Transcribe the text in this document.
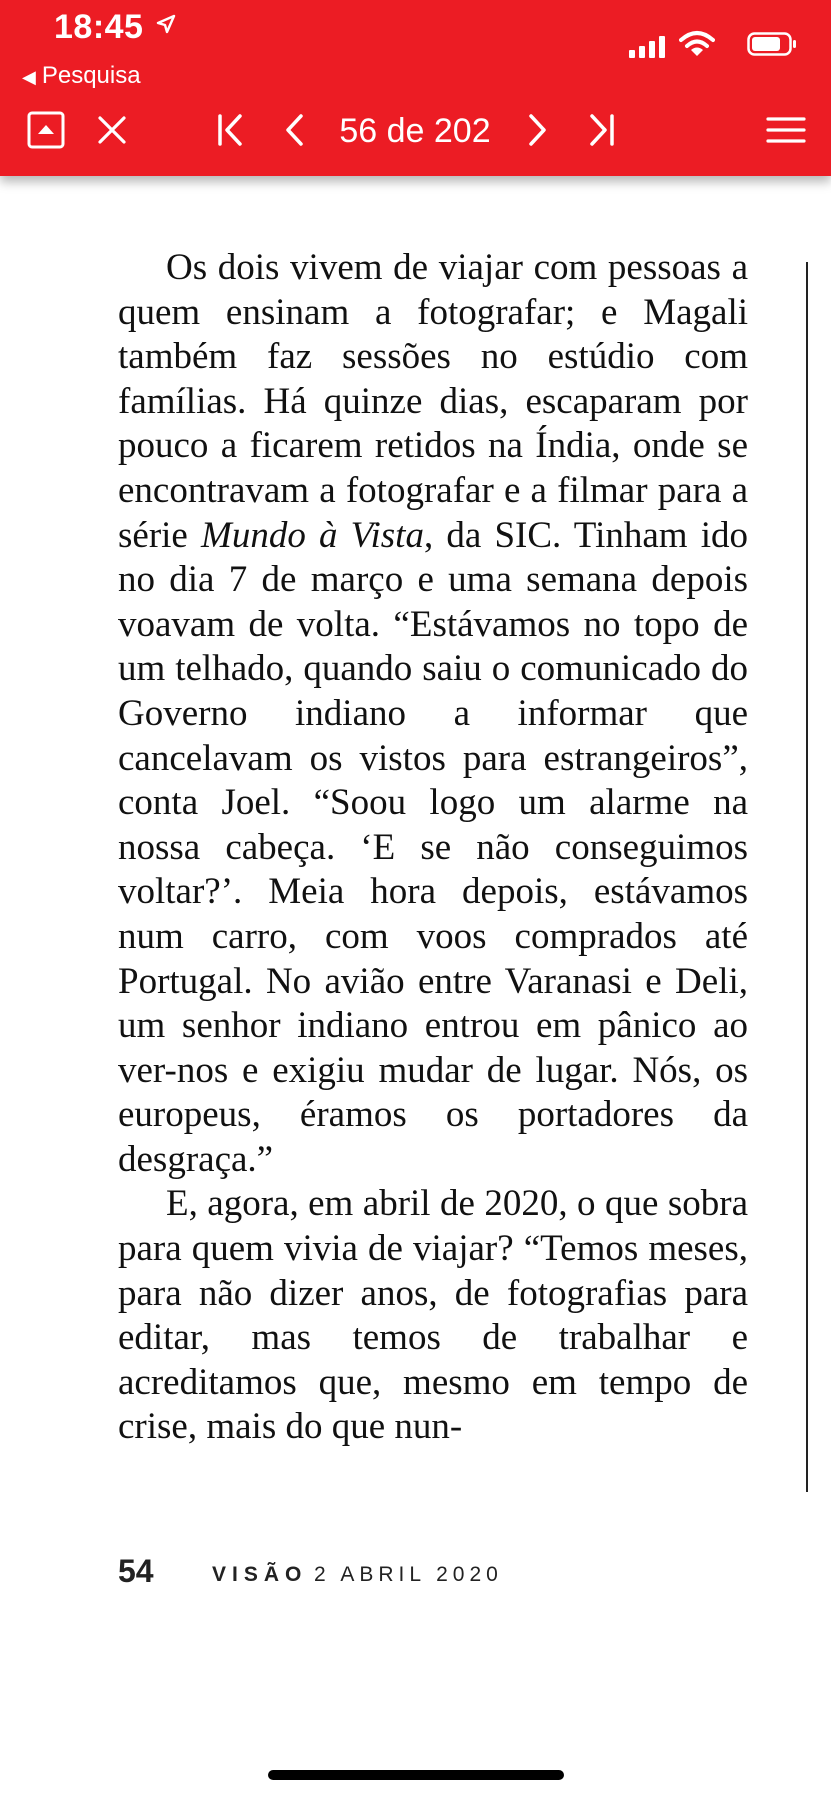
18:45
◀ Pesquisa
56 de 202

Os dois vivem de viajar com pessoas a quem ensinam a fotografar; e Magali também faz sessões no estúdio com famílias. Há quinze dias, escaparam por pouco a ficarem retidos na Índia, onde se encontravam a fotografar e a filmar para a série Mundo à Vista, da SIC. Tinham ido no dia 7 de março e uma semana depois voavam de volta. “Estávamos no topo de um telhado, quando saiu o comunicado do Governo indiano a informar que cancelavam os vistos para estrangeiros”, conta Joel. “Soou logo um alarme na nossa cabeça. ‘E se não conseguimos voltar?’. Meia hora depois, estávamos num carro, com voos comprados até Portugal. No avião entre Varanasi e Deli, um senhor indiano entrou em pânico ao ver-nos e exigiu mudar de lugar. Nós, os europeus, éramos os portadores da desgraça.”

E, agora, em abril de 2020, o que sobra para quem vivia de viajar? “Temos meses, para não dizer anos, de fotografias para editar, mas temos de trabalhar e acreditamos que, mesmo em tempo de crise, mais do que nun-

54	VISÃO 2 ABRIL 2020
